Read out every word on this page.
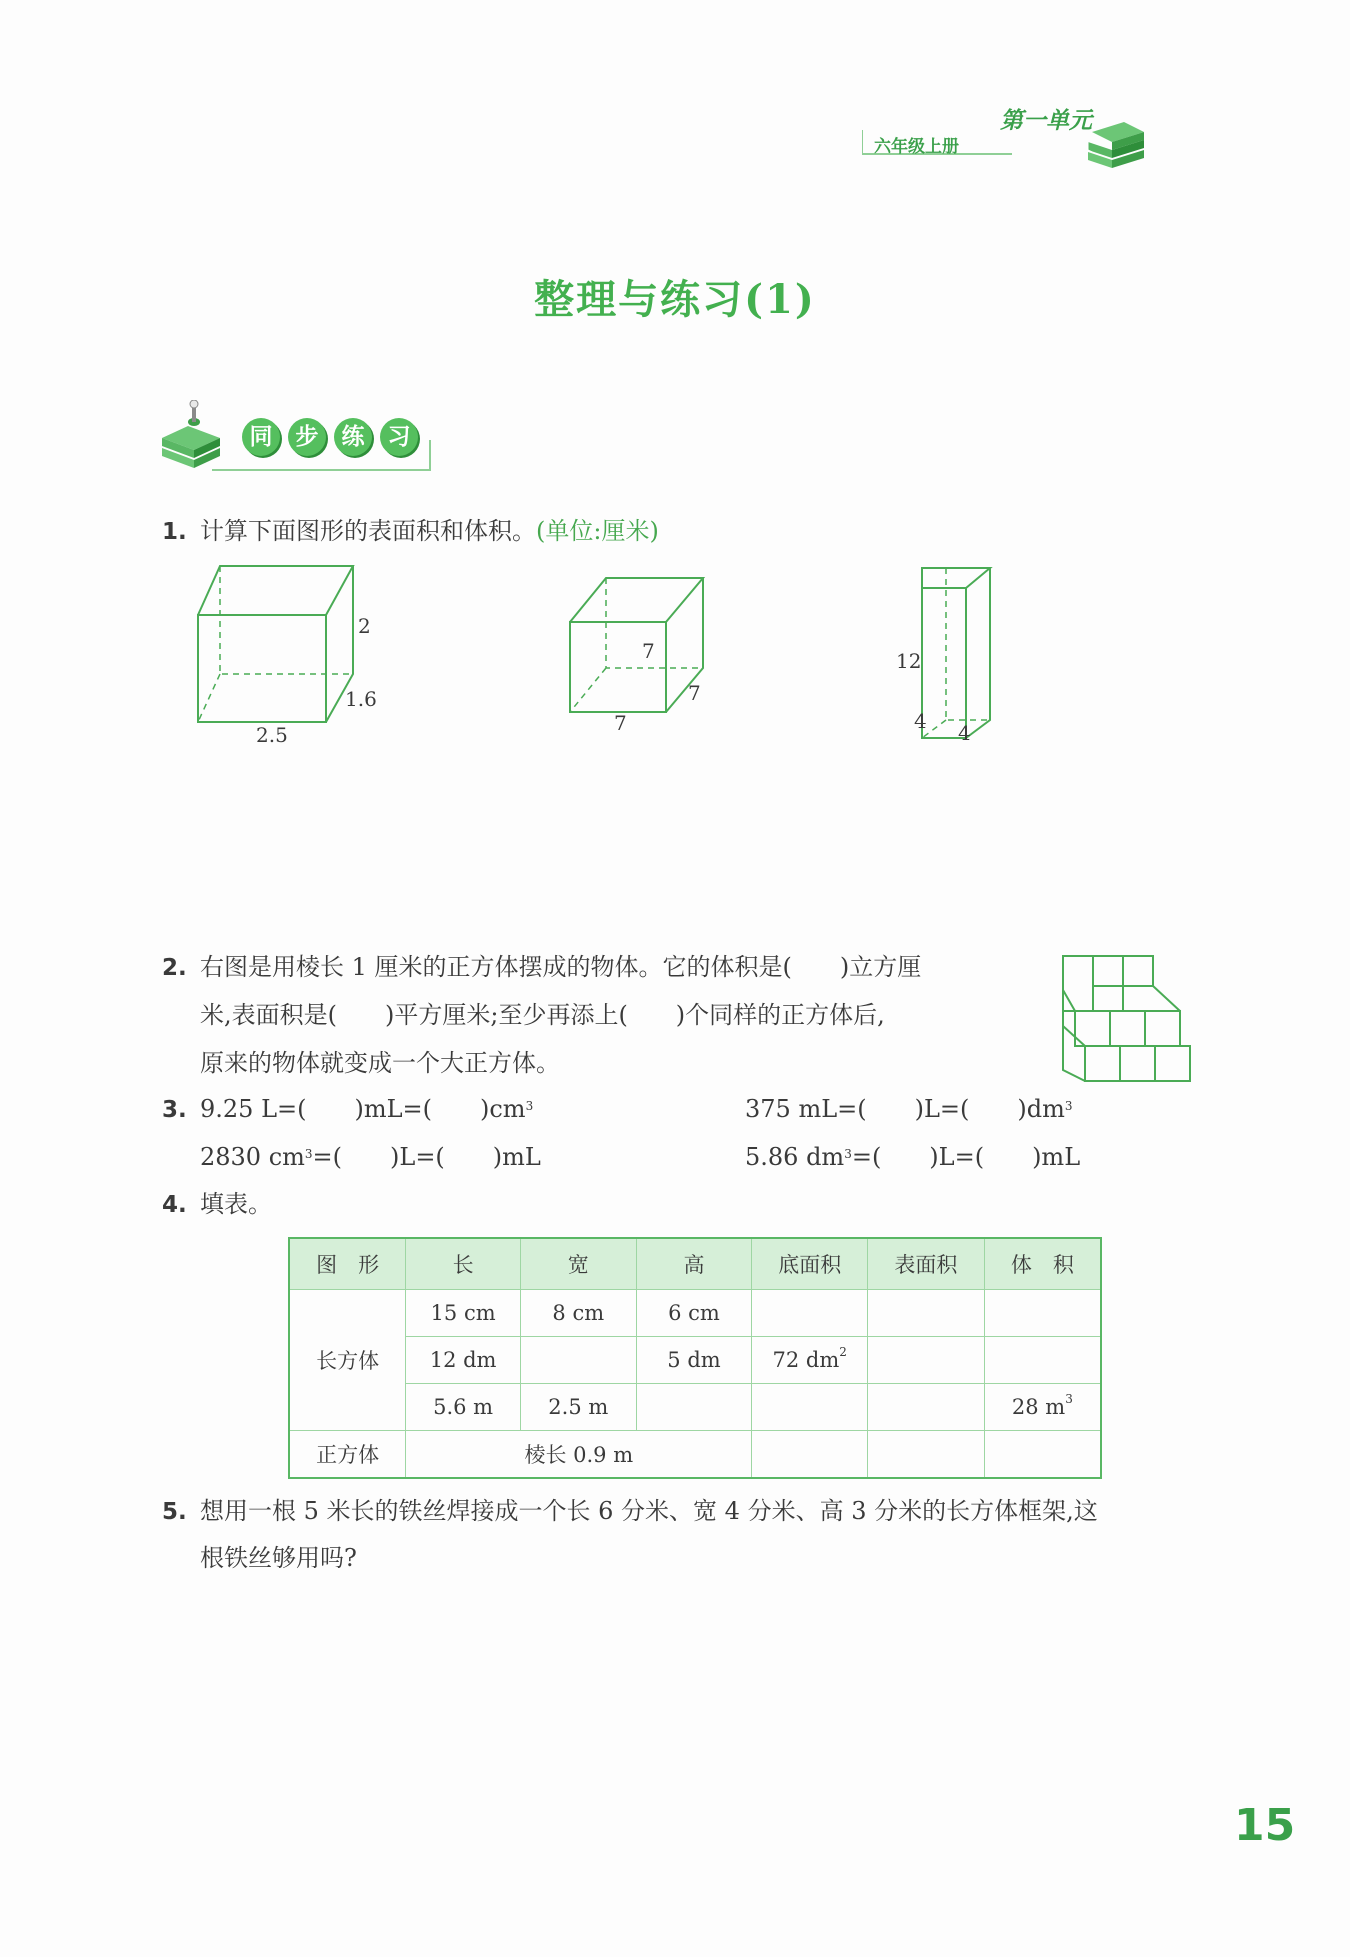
六年级上册
第一单元
整理与练习(1)
同	步	练	习
1. 计算下面图形的表面积和体积。(单位:厘米)
2
1.6
2.5
7
7
7
12
4 4
2. 右图是用棱长 1 厘米的正方体摆成的物体。它的体积是(　　)立方厘
米,表面积是(　　)平方厘米;至少再添上(　　)个同样的正方体后,
原来的物体就变成一个大正方体。
3. 9.25 L=(　　)mL=(　　)$cm^3$	375 mL=(　　)L=(　　)$dm^3$
2830 $cm^3=$(　　)L=(　　)mL	5.86 $dm^3=$(　　)L=(　　)mL
4. 填表。
图　形	长	宽	高	底面积	表面积	体　积
长方体	15 cm	8 cm	6 cm			
	12 dm		5 dm	72 $dm^2$		
	5.6 m	2.5 m				28 $m^3$
正方体	棱长 0.9 m					
5. 想用一根 5 米长的铁丝焊接成一个长 6 分米、宽 4 分米、高 3 分米的长方体框架,这
根铁丝够用吗?
15
